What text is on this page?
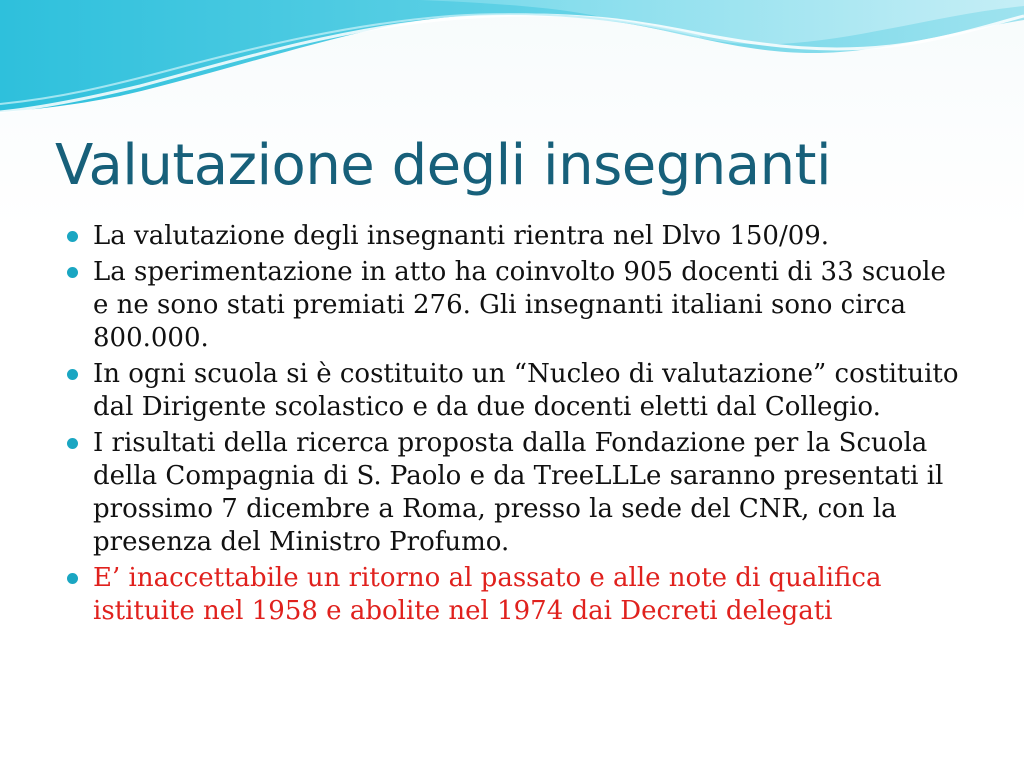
Valutazione degli insegnanti
La valutazione degli insegnanti rientra nel Dlvo 150/09.
La sperimentazione in atto ha coinvolto 905 docenti di 33 scuole e ne sono stati premiati 276. Gli insegnanti italiani sono circa 800.000.
In ogni scuola si è costituito un “Nucleo di valutazione” costituito dal Dirigente scolastico e da due docenti eletti dal Collegio.
I risultati della ricerca proposta dalla Fondazione per la Scuola della Compagnia di S. Paolo e da TreeLLLe saranno presentati il prossimo 7 dicembre a Roma, presso la sede del CNR, con la presenza del Ministro Profumo.
E’ inaccettabile un ritorno al passato e alle note di qualifica istituite nel 1958 e abolite nel 1974 dai Decreti delegati
